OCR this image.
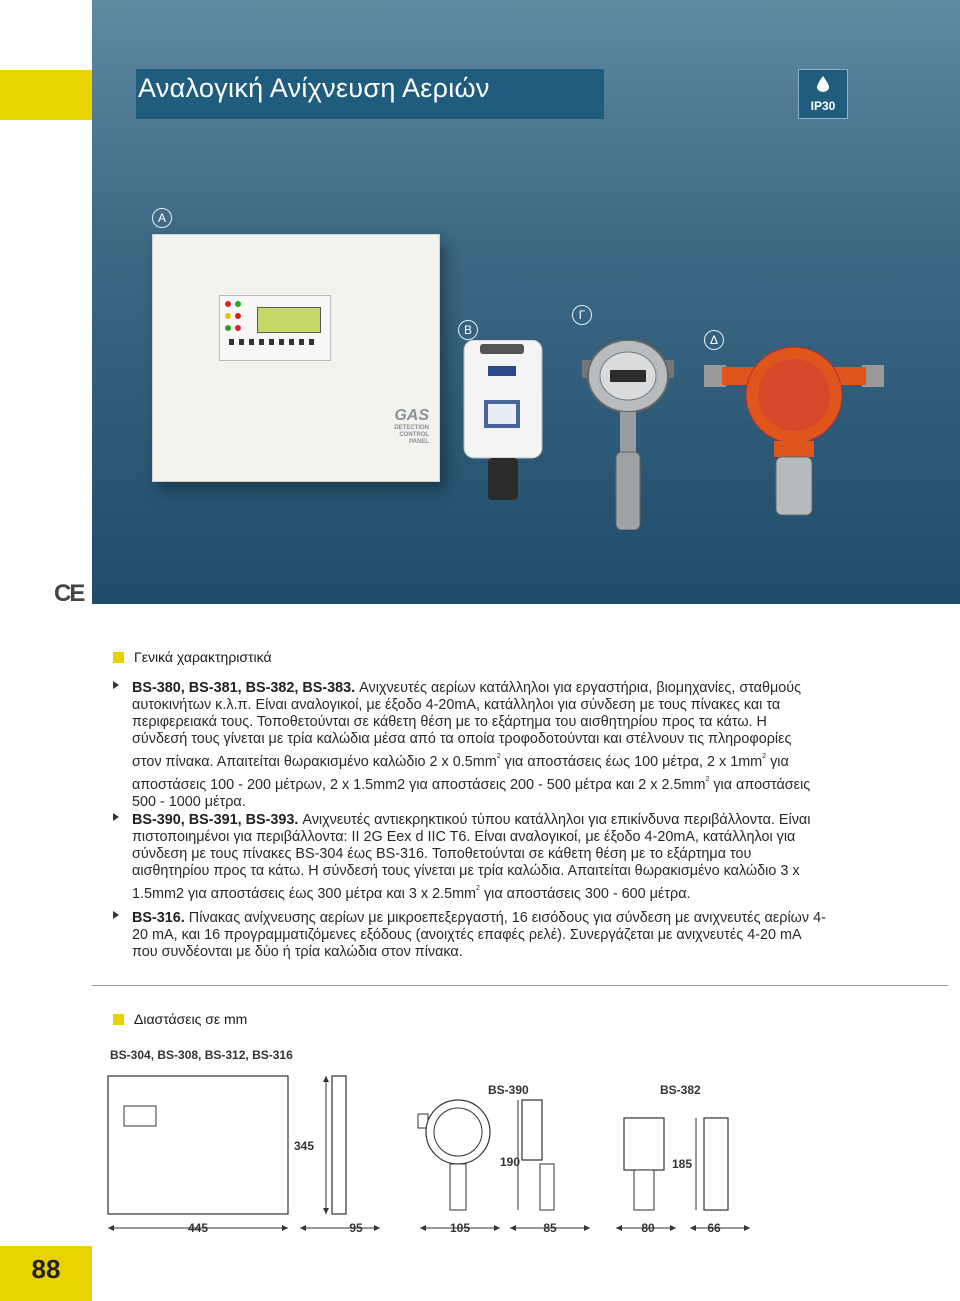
Αναλογική Ανίχνευση Αεριών
IP30
A
B
Γ
Δ
GAS
DETECTION
CONTROL
PANEL
CE
Γενικά χαρακτηριστικά
BS-380, BS-381, BS-382, BS-383. Ανιχνευτές αερίων κατάλληλοι για εργαστήρια, βιομηχανίες, σταθμούς
αυτοκινήτων κ.λ.π. Είναι αναλογικοί, με έξοδο 4-20mA, κατάλληλοι για σύνδεση με τους πίνακες και τα
περιφερειακά τους. Τοποθετούνται σε κάθετη θέση με το εξάρτημα του αισθητηρίου προς τα κάτω. Η
σύνδεσή τους γίνεται με τρία καλώδια μέσα από τα οποία τροφοδοτούνται και στέλνουν τις πληροφορίες
στον πίνακα. Απαιτείται θωρακισμένο καλώδιο 2 x $0.5mm^2$ για αποστάσεις έως 100 μέτρα, 2 x $1mm^2$ για
αποστάσεις 100 - 200 μέτρων, 2 x 1.5mm2 για αποστάσεις 200 - 500 μέτρα και 2 x $2.5mm^2$ για αποστάσεις
500 - 1000 μέτρα.
BS-390, BS-391, BS-393. Ανιχνευτές αντιεκρηκτικού τύπου κατάλληλοι για επικίνδυνα περιβάλλοντα. Είναι
πιστοποιημένοι για περιβάλλοντα: II 2G Eex d IIC T6. Είναι αναλογικοί, με έξοδο 4-20mA, κατάλληλοι για
σύνδεση με τους πίνακες BS-304 έως BS-316. Τοποθετούνται σε κάθετη θέση με το εξάρτημα του
αισθητηρίου προς τα κάτω. Η σύνδεσή τους γίνεται με τρία καλώδια. Απαιτείται θωρακισμένο καλώδιο 3 x
1.5mm2 για αποστάσεις έως 300 μέτρα και 3 x $2.5mm^2$ για αποστάσεις 300 - 600 μέτρα.
BS-316. Πίνακας ανίχνευσης αερίων με μικροεπεξεργαστή, 16 εισόδους για σύνδεση με ανιχνευτές αερίων 4-
20 mA, και 16 προγραμματιζόμενες εξόδους (ανοιχτές επαφές ρελέ). Συνεργάζεται με ανιχνευτές 4-20 mA
που συνδέονται με δύο ή τρία καλώδια στον πίνακα.
Διαστάσεις σε mm
BS-304, BS-308, BS-312, BS-316
BS-390	BS-382
445
345
95	105
190
85	80
185
66
88
